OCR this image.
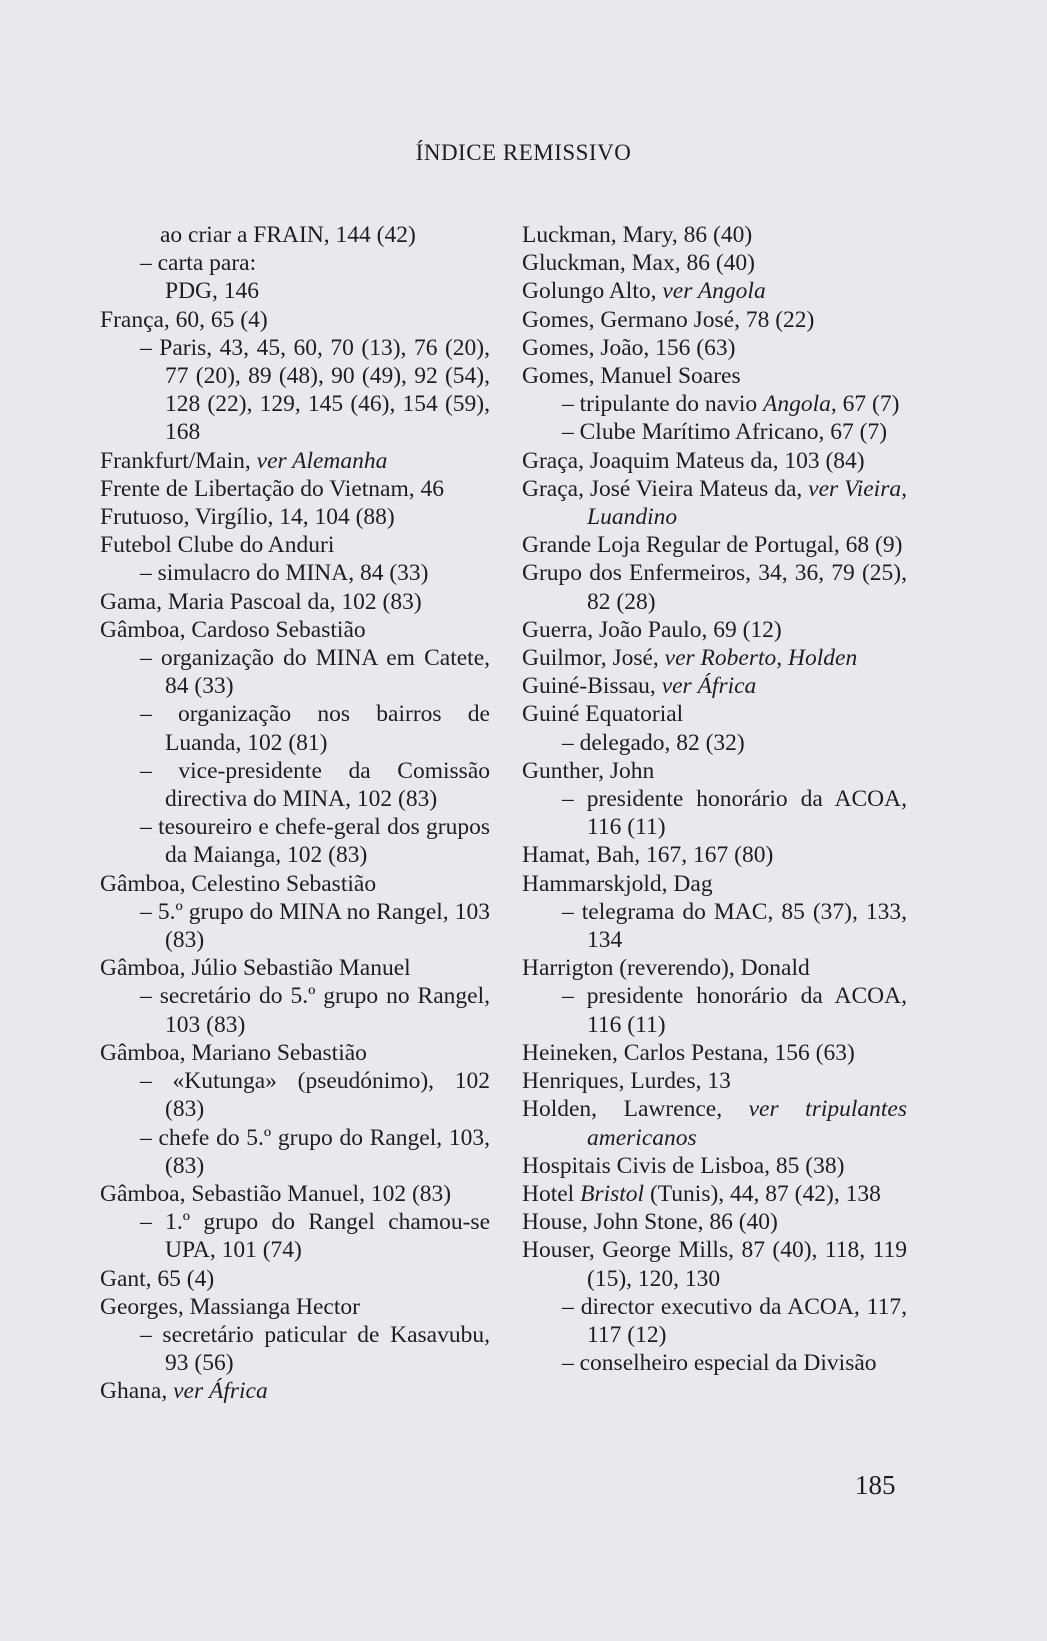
ÍNDICE REMISSIVO
ao criar a FRAIN, 144 (42)
– carta para:
PDG, 146
França, 60, 65 (4)
– Paris, 43, 45, 60, 70 (13), 76 (20), 77 (20), 89 (48), 90 (49), 92 (54), 128 (22), 129, 145 (46), 154 (59), 168
Frankfurt/Main, ver Alemanha
Frente de Libertação do Vietnam, 46
Frutuoso, Virgílio, 14, 104 (88)
Futebol Clube do Anduri
– simulacro do MINA, 84 (33)
Gama, Maria Pascoal da, 102 (83)
Gâmboa, Cardoso Sebastião
– organização do MINA em Catete, 84 (33)
– organização nos bairros de Luanda, 102 (81)
– vice-presidente da Comissão directiva do MINA, 102 (83)
– tesoureiro e chefe-geral dos grupos da Maianga, 102 (83)
Gâmboa, Celestino Sebastião
– 5.º grupo do MINA no Rangel, 103 (83)
Gâmboa, Júlio Sebastião Manuel
– secretário do 5.º grupo no Rangel, 103 (83)
Gâmboa, Mariano Sebastião
– «Kutunga» (pseudónimo), 102 (83)
– chefe do 5.º grupo do Rangel, 103, (83)
Gâmboa, Sebastião Manuel, 102 (83)
– 1.º grupo do Rangel chamou-se UPA, 101 (74)
Gant, 65 (4)
Georges, Massianga Hector
– secretário paticular de Kasavubu, 93 (56)
Ghana, ver África
Luckman, Mary, 86 (40)
Gluckman, Max, 86 (40)
Golungo Alto, ver Angola
Gomes, Germano José, 78 (22)
Gomes, João, 156 (63)
Gomes, Manuel Soares
– tripulante do navio Angola, 67 (7)
– Clube Marítimo Africano, 67 (7)
Graça, Joaquim Mateus da, 103 (84)
Graça, José Vieira Mateus da, ver Vieira, Luandino
Grande Loja Regular de Portugal, 68 (9)
Grupo dos Enfermeiros, 34, 36, 79 (25), 82 (28)
Guerra, João Paulo, 69 (12)
Guilmor, José, ver Roberto, Holden
Guiné-Bissau, ver África
Guiné Equatorial
– delegado, 82 (32)
Gunther, John
– presidente honorário da ACOA, 116 (11)
Hamat, Bah, 167, 167 (80)
Hammarskjold, Dag
– telegrama do MAC, 85 (37), 133, 134
Harrigton (reverendo), Donald
– presidente honorário da ACOA, 116 (11)
Heineken, Carlos Pestana, 156 (63)
Henriques, Lurdes, 13
Holden, Lawrence, ver tripulantes americanos
Hospitais Civis de Lisboa, 85 (38)
Hotel Bristol (Tunis), 44, 87 (42), 138
House, John Stone, 86 (40)
Houser, George Mills, 87 (40), 118, 119 (15), 120, 130
– director executivo da ACOA, 117, 117 (12)
– conselheiro especial da Divisão
185
